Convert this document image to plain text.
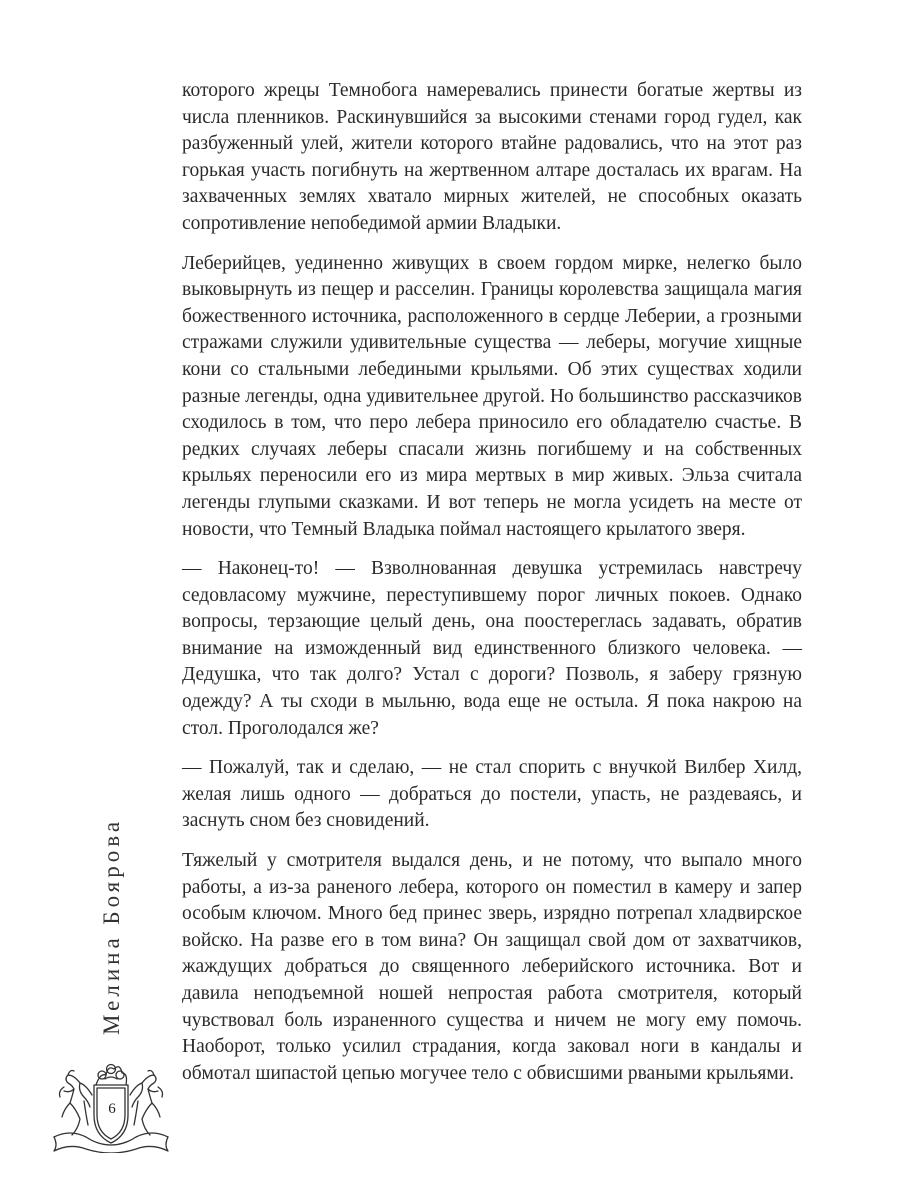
которого жрецы Темнобога намеревались принести богатые жертвы из числа пленников. Раскинувшийся за высокими стенами город гудел, как разбуженный улей, жители которого втайне радовались, что на этот раз горькая участь погибнуть на жертвенном алтаре досталась их врагам. На захваченных землях хватало мирных жителей, не способных оказать сопротивление непобедимой армии Владыки.

Леберийцев, уединенно живущих в своем гордом мирке, нелегко было выковырнуть из пещер и расселин. Границы королевства защищала магия божественного источника, расположенного в сердце Леберии, а грозными стражами служили удивительные существа — леберы, могучие хищные кони со стальными лебедиными крыльями. Об этих существах ходили разные легенды, одна удивительнее другой. Но большинство рассказчиков сходилось в том, что перо лебера приносило его обладателю счастье. В редких случаях леберы спасали жизнь погибшему и на собственных крыльях переносили его из мира мертвых в мир живых. Эльза считала легенды глупыми сказками. И вот теперь не могла усидеть на месте от новости, что Темный Владыка поймал настоящего крылатого зверя.

— Наконец-то! — Взволнованная девушка устремилась навстречу седовласому мужчине, переступившему порог личных покоев. Однако вопросы, терзающие целый день, она поостереглась задавать, обратив внимание на изможденный вид единственного близкого человека. — Дедушка, что так долго? Устал с дороги? Позволь, я заберу грязную одежду? А ты сходи в мыльню, вода еще не остыла. Я пока накрою на стол. Проголодался же?

— Пожалуй, так и сделаю, — не стал спорить с внучкой Вилбер Хилд, желая лишь одного — добраться до постели, упасть, не раздеваясь, и заснуть сном без сновидений.

Тяжелый у смотрителя выдался день, и не потому, что выпало много работы, а из-за раненого лебера, которого он поместил в камеру и запер особым ключом. Много бед принес зверь, изрядно потрепал хладвирское войско. На разве его в том вина? Он защищал свой дом от захватчиков, жаждущих добраться до священного леберийского источника. Вот и давила неподъемной ношей непростая работа смотрителя, который чувствовал боль израненного существа и ничем не могу ему помочь. Наоборот, только усилил страдания, когда заковал ноги в кандалы и обмотал шипастой цепью могучее тело с обвисшими рваными крыльями.

Мелина Боярова
6
